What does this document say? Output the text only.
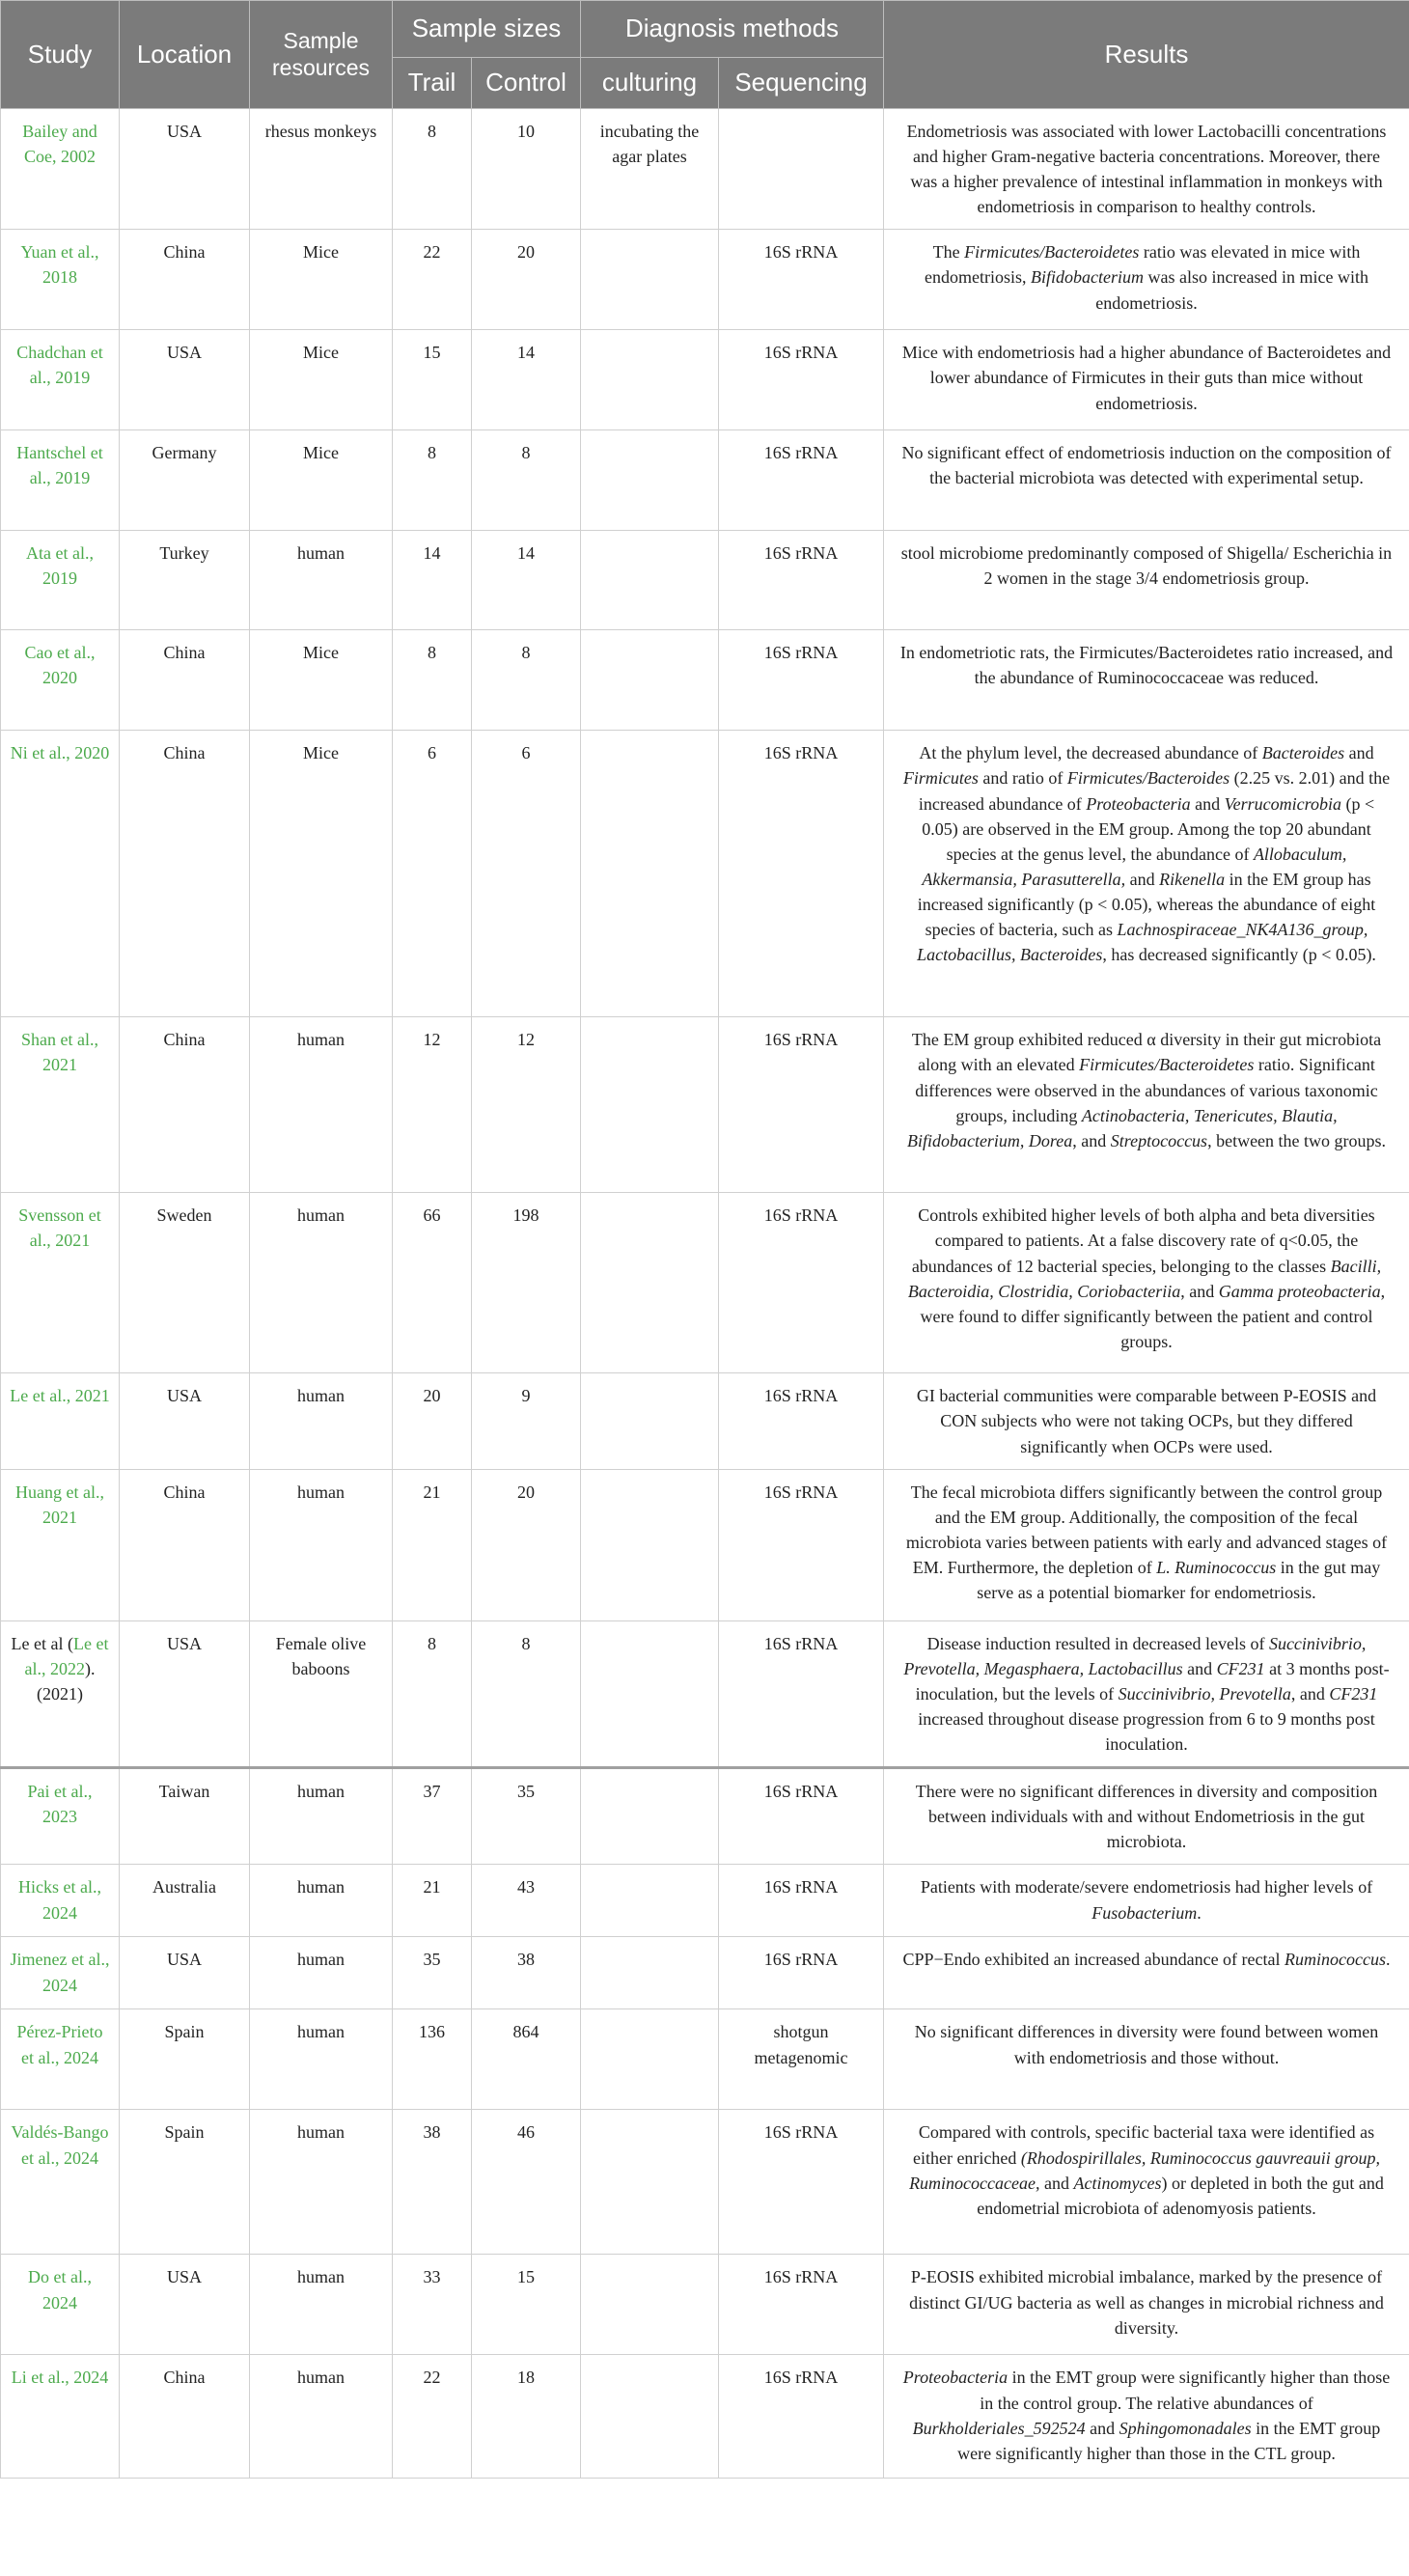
Study	Location	Sample resources	Sample sizes		Diagnosis methods		Results
			Trail	Control	culturing	Sequencing	
Bailey and Coe, 2002	USA	rhesus monkeys	8	10	incubating the agar plates		Endometriosis was associated with lower Lactobacilli concentrations and higher Gram-negative bacteria concentrations. Moreover, there was a higher prevalence of intestinal inflammation in monkeys with endometriosis in comparison to healthy controls.
Yuan et al., 2018	China	Mice	22	20		16S rRNA	The Firmicutes/Bacteroidetes ratio was elevated in mice with endometriosis, Bifidobacterium was also increased in mice with endometriosis.
Chadchan et al., 2019	USA	Mice	15	14		16S rRNA	Mice with endometriosis had a higher abundance of Bacteroidetes and lower abundance of Firmicutes in their guts than mice without endometriosis.
Hantschel et al., 2019	Germany	Mice	8	8		16S rRNA	No significant effect of endometriosis induction on the composition of the bacterial microbiota was detected with experimental setup.
Ata et al., 2019	Turkey	human	14	14		16S rRNA	stool microbiome predominantly composed of Shigella/ Escherichia in 2 women in the stage 3/4 endometriosis group.
Cao et al., 2020	China	Mice	8	8		16S rRNA	In endometriotic rats, the Firmicutes/Bacteroidetes ratio increased, and the abundance of Ruminococcaceae was reduced.
Ni et al., 2020	China	Mice	6	6		16S rRNA	At the phylum level, the decreased abundance of Bacteroides and Firmicutes and ratio of Firmicutes/Bacteroides (2.25 vs. 2.01) and the increased abundance of Proteobacteria and Verrucomicrobia (p < 0.05) are observed in the EM group. Among the top 20 abundant species at the genus level, the abundance of Allobaculum, Akkermansia, Parasutterella, and Rikenella in the EM group has increased significantly (p < 0.05), whereas the abundance of eight species of bacteria, such as Lachnospiraceae_NK4A136_group, Lactobacillus, Bacteroides, has decreased significantly (p < 0.05).
Shan et al., 2021	China	human	12	12		16S rRNA	The EM group exhibited reduced α diversity in their gut microbiota along with an elevated Firmicutes/Bacteroidetes ratio. Significant differences were observed in the abundances of various taxonomic groups, including Actinobacteria, Tenericutes, Blautia, Bifidobacterium, Dorea, and Streptococcus, between the two groups.
Svensson et al., 2021	Sweden	human	66	198		16S rRNA	Controls exhibited higher levels of both alpha and beta diversities compared to patients. At a false discovery rate of q<0.05, the abundances of 12 bacterial species, belonging to the classes Bacilli, Bacteroidia, Clostridia, Coriobacteriia, and Gamma proteobacteria, were found to differ significantly between the patient and control groups.
Le et al., 2021	USA	human	20	9		16S rRNA	GI bacterial communities were comparable between P-EOSIS and CON subjects who were not taking OCPs, but they differed significantly when OCPs were used.
Huang et al., 2021	China	human	21	20		16S rRNA	The fecal microbiota differs significantly between the control group and the EM group. Additionally, the composition of the fecal microbiota varies between patients with early and advanced stages of EM. Furthermore, the depletion of L. Ruminococcus in the gut may serve as a potential biomarker for endometriosis.
Le et al (Le et al., 2022). (2021)	USA	Female olive baboons	8	8		16S rRNA	Disease induction resulted in decreased levels of Succinivibrio, Prevotella, Megasphaera, Lactobacillus and CF231 at 3 months post-inoculation, but the levels of Succinivibrio, Prevotella, and CF231 increased throughout disease progression from 6 to 9 months post inoculation.
Pai et al., 2023	Taiwan	human	37	35		16S rRNA	There were no significant differences in diversity and composition between individuals with and without Endometriosis in the gut microbiota.
Hicks et al., 2024	Australia	human	21	43		16S rRNA	Patients with moderate/severe endometriosis had higher levels of Fusobacterium.
Jimenez et al., 2024	USA	human	35	38		16S rRNA	CPP−Endo exhibited an increased abundance of rectal Ruminococcus.
Pérez-Prieto et al., 2024	Spain	human	136	864		shotgun metagenomic	No significant differences in diversity were found between women with endometriosis and those without.
Valdés-Bango et al., 2024	Spain	human	38	46		16S rRNA	Compared with controls, specific bacterial taxa were identified as either enriched (Rhodospirillales, Ruminococcus gauvreauii group, Ruminococcaceae, and Actinomyces) or depleted in both the gut and endometrial microbiota of adenomyosis patients.
Do et al., 2024	USA	human	33	15		16S rRNA	P-EOSIS exhibited microbial imbalance, marked by the presence of distinct GI/UG bacteria as well as changes in microbial richness and diversity.
Li et al., 2024	China	human	22	18		16S rRNA	Proteobacteria in the EMT group were significantly higher than those in the control group. The relative abundances of Burkholderiales_592524 and Sphingomonadales in the EMT group were significantly higher than those in the CTL group.
